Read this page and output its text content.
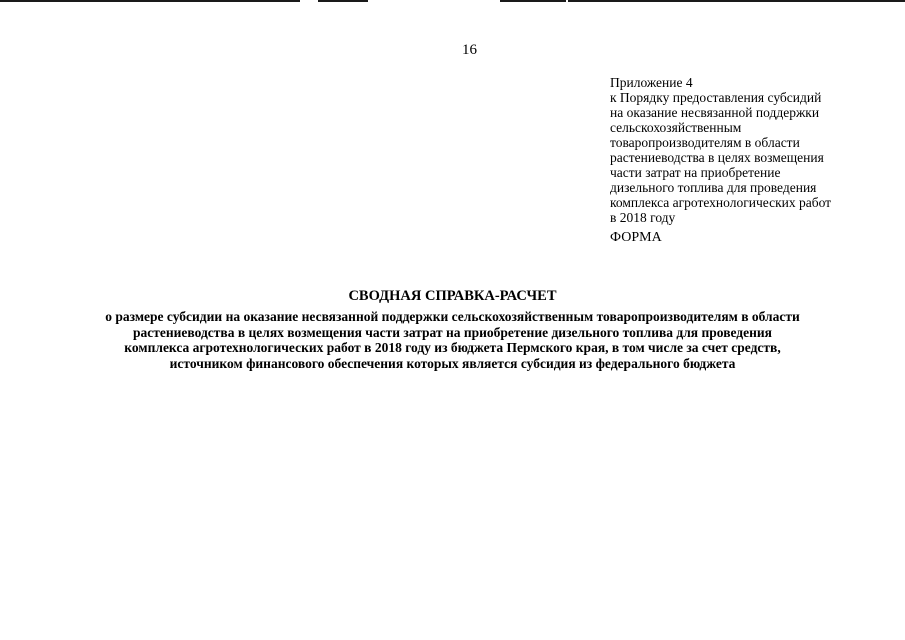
16
Приложение 4
к Порядку предоставления субсидий
на оказание несвязанной поддержки
сельскохозяйственным
товаропроизводителям в области
растениеводства в целях возмещения
части затрат на приобретение
дизельного топлива для проведения
комплекса агротехнологических работ
в 2018 году
ФОРМА
СВОДНАЯ СПРАВКА-РАСЧЕТ
о размере субсидии на оказание несвязанной поддержки сельскохозяйственным товаропроизводителям в области
растениеводства в целях возмещения части затрат на приобретение дизельного топлива для проведения
комплекса агротехнологических работ в 2018 году из бюджета Пермского края, в том числе за счет средств,
источником финансового обеспечения которых является субсидия из федерального бюджета
